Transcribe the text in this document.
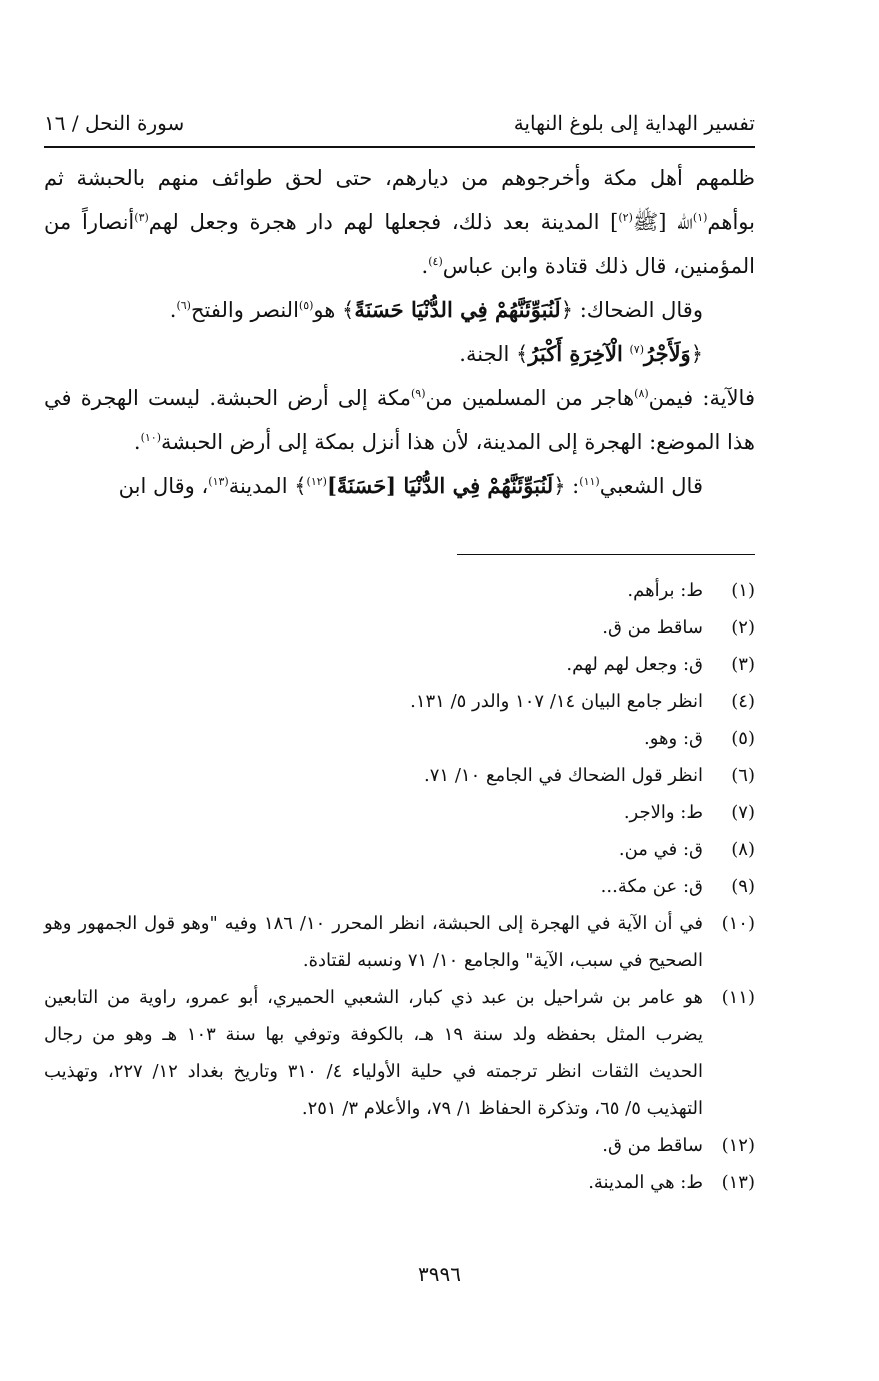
تفسير الهداية إلى بلوغ النهاية
سورة النحل / ١٦

ظلمهم أهل مكة وأخرجوهم من ديارهم، حتى لحق طوائف منهم بالحبشة ثم بوأهم$^{(١)}$الله [ﷺ$^{(٢)}$] المدينة بعد ذلك، فجعلها لهم دار هجرة وجعل لهم$^{(٣)}$أنصاراً من المؤمنين، قال ذلك قتادة وابن عباس$^{(٤)}$.

وقال الضحاك: ﴿لَنُبَوِّئَنَّهُمْ فِي الدُّنْيَا حَسَنَةً﴾ هو$^{(٥)}$النصر والفتح$^{(٦)}$.

﴿وَلَأَجْرُ$^{(٧)}$ الْآخِرَةِ أَكْبَرُ﴾ الجنة.

فالآية: فيمن$^{(٨)}$هاجر من المسلمين من$^{(٩)}$مكة إلى أرض الحبشة. ليست الهجرة في هذا الموضع: الهجرة إلى المدينة، لأن هذا أنزل بمكة إلى أرض الحبشة$^{(١٠)}$.

قال الشعبي$^{(١١)}$: ﴿لَنُبَوِّئَنَّهُمْ فِي الدُّنْيَا [حَسَنَةً]$^{(١٢)}$﴾ المدينة$^{(١٣)}$، وقال ابن

(١)
ط: برأهم.
(٢)
ساقط من ق.
(٣)
ق: وجعل لهم لهم.
(٤)
انظر جامع البيان ١٤/ ١٠٧ والدر ٥/ ١٣١.
(٥)
ق: وهو.
(٦)
انظر قول الضحاك في الجامع ١٠/ ٧١.
(٧)
ط: والاجر.
(٨)
ق: في من.
(٩)
ق: عن مكة...
(١٠)
في أن الآية في الهجرة إلى الحبشة، انظر المحرر ١٠/ ١٨٦ وفيه "وهو قول الجمهور وهو الصحيح في سبب، الآية" والجامع ١٠/ ٧١ ونسبه لقتادة.
(١١)
هو عامر بن شراحيل بن عبد ذي كبار، الشعبي الحميري، أبو عمرو، راوية من التابعين يضرب المثل بحفظه ولد سنة ١٩ هـ، بالكوفة وتوفي بها سنة ١٠٣ هـ وهو من رجال الحديث الثقات انظر ترجمته في حلية الأولياء ٤/ ٣١٠ وتاريخ بغداد ١٢/ ٢٢٧، وتهذيب التهذيب ٥/ ٦٥، وتذكرة الحفاظ ١/ ٧٩، والأعلام ٣/ ٢٥١.
(١٢)
ساقط من ق.
(١٣)
ط: هي المدينة.
٣٩٩٦
